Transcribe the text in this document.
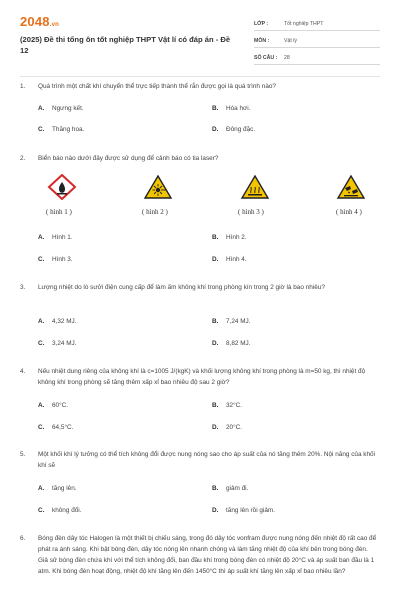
2048.vn
(2025) Đề thi tổng ôn tốt nghiệp THPT Vật lí có đáp án - Đề 12
LỚP :	Tốt nghiệp THPT
MÔN :	Vật lý
SỐ CÂU :	28
1.	Quá trình một chất khí chuyển thể trực tiếp thành thể rắn được gọi là quá trình nào?
A.	Ngưng kết.	B.	Hóa hơi.
C.	Thăng hoa.	D.	Đông đặc.
2.	Biển báo nào dưới đây được sử dụng để cảnh báo có tia laser?
( hình 1 )	( hình 2 )	( hình 3 )	( hình 4 )
A.	Hình 1.	B.	Hình 2.
C.	Hình 3.	D.	Hình 4.
3.	Lượng nhiệt do lò sưởi điện cung cấp để làm ấm không khí trong phòng kín trong 2 giờ là bao nhiêu?
A.	4,32 MJ.	B.	7,24 MJ.
C.	3,24 MJ.	D.	8,82 MJ.
4.	Nếu nhiệt dung riêng của không khí là c=1005 J/(kgK) và khối lượng không khí trong phòng là m=50 kg, thì nhiệt độ không khí trong phòng sẽ tăng thêm xấp xỉ bao nhiêu độ sau 2 giờ?
A.	60°C.	B.	32°C.
C.	64,5°C.	D.	20°C.
5.	Một khối khí lý tưởng có thể tích không đổi được nung nóng sao cho áp suất của nó tăng thêm 20%. Nội năng của khối khí sẽ
A.	tăng lên.	B.	giảm đi.
C.	không đổi.	D.	tăng lên rồi giảm.
6.	Bóng đèn dây tóc Halogen là một thiết bị chiếu sáng, trong đó dây tóc vonfram được nung nóng đến nhiệt độ rất cao để phát ra ánh sáng. Khi bật bóng đèn, dây tóc nóng lên nhanh chóng và làm tăng nhiệt độ của khí bên trong bóng đèn. Giả sử bóng đèn chứa khí với thể tích không đổi, ban đầu khí trong bóng đèn có nhiệt độ 20°C và áp suất ban đầu là 1 atm. Khi bóng đèn hoạt động, nhiệt độ khí tăng lên đến 1450°C thì áp suất khí tăng lên xấp xỉ bao nhiêu lần?
